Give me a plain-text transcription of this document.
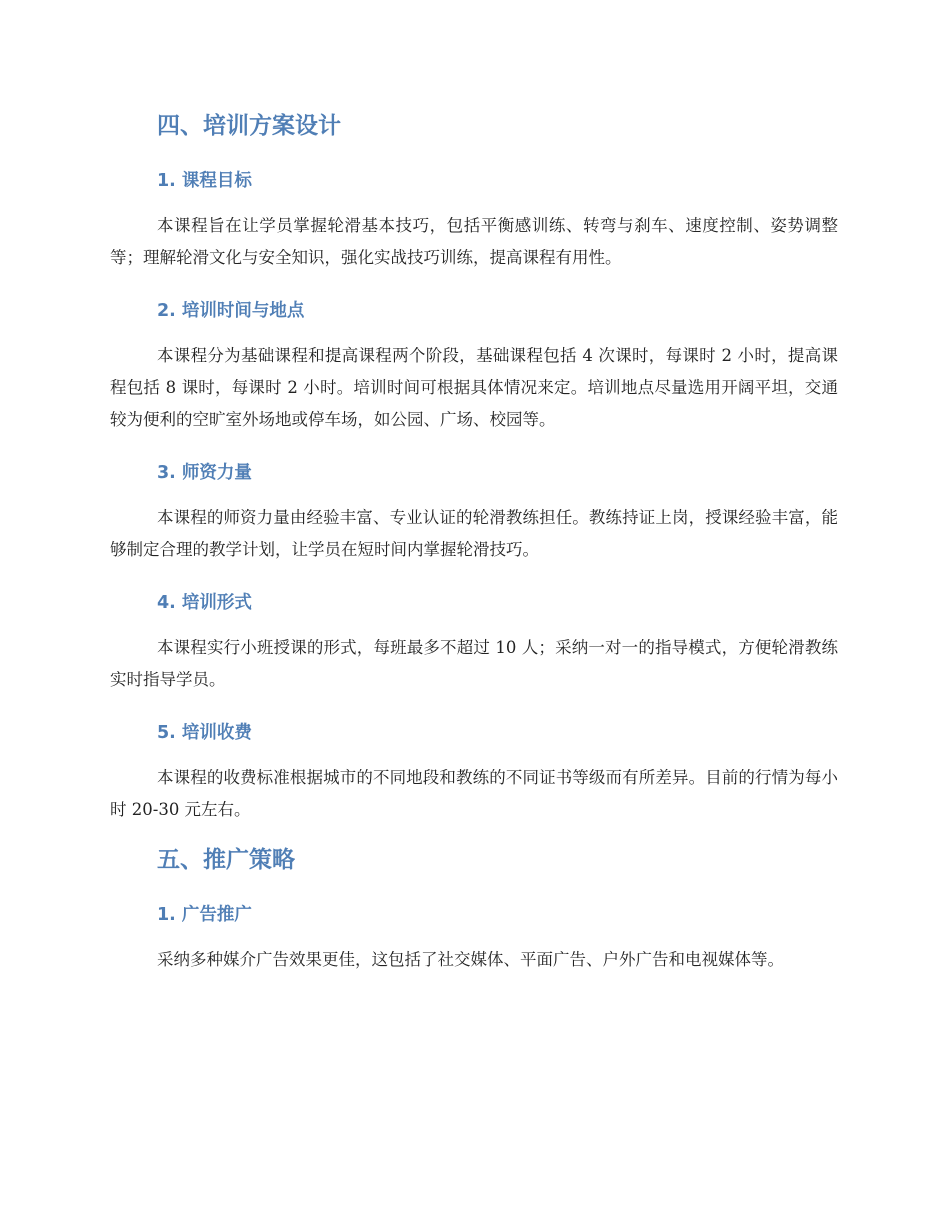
四、培训方案设计
1. 课程目标

本课程旨在让学员掌握轮滑基本技巧，包括平衡感训练、转弯与刹车、速度控制、姿势调整等；理解轮滑文化与安全知识，强化实战技巧训练，提高课程有用性。

2. 培训时间与地点

本课程分为基础课程和提高课程两个阶段，基础课程包括 4 次课时，每课时 2 小时，提高课程包括 8 课时，每课时 2 小时。培训时间可根据具体情况来定。培训地点尽量选用开阔平坦，交通较为便利的空旷室外场地或停车场，如公园、广场、校园等。

3. 师资力量

本课程的师资力量由经验丰富、专业认证的轮滑教练担任。教练持证上岗，授课经验丰富，能够制定合理的教学计划，让学员在短时间内掌握轮滑技巧。

4. 培训形式

本课程实行小班授课的形式，每班最多不超过 10 人；采纳一对一的指导模式，方便轮滑教练实时指导学员。

5. 培训收费

本课程的收费标准根据城市的不同地段和教练的不同证书等级而有所差异。目前的行情为每小时 20-30 元左右。

五、推广策略
1. 广告推广

采纳多种媒介广告效果更佳，这包括了社交媒体、平面广告、户外广告和电视媒体等。
